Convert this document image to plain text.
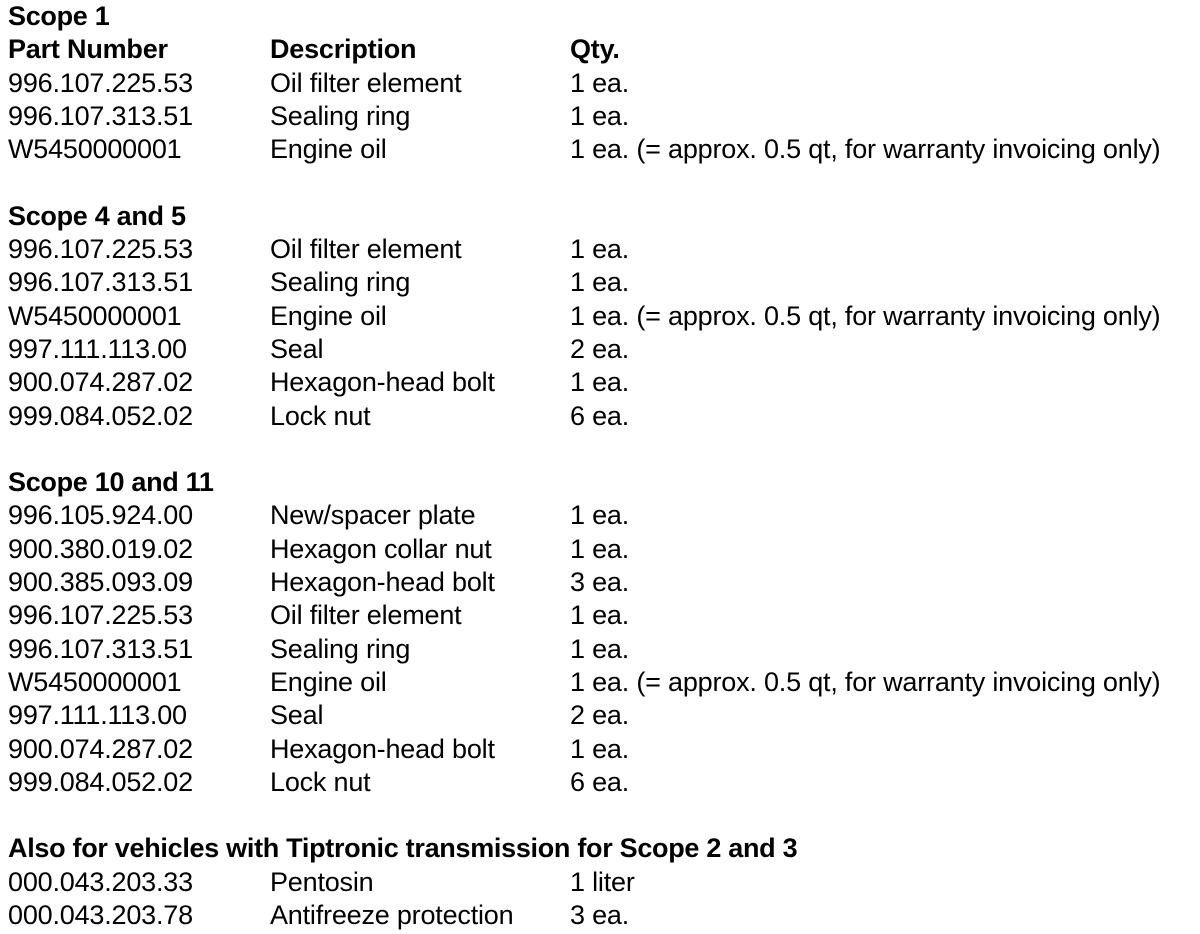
Scope 1
Part Number	Description	Qty.
996.107.225.53	Oil filter element	1 ea.
996.107.313.51	Sealing ring	1 ea.
W5450000001	Engine oil	1 ea. (= approx. 0.5 qt, for warranty invoicing only)
Scope 4 and 5
996.107.225.53	Oil filter element	1 ea.
996.107.313.51	Sealing ring	1 ea.
W5450000001	Engine oil	1 ea. (= approx. 0.5 qt, for warranty invoicing only)
997.111.113.00	Seal	2 ea.
900.074.287.02	Hexagon-head bolt	1 ea.
999.084.052.02	Lock nut	6 ea.
Scope 10 and 11
996.105.924.00	New/spacer plate	1 ea.
900.380.019.02	Hexagon collar nut	1 ea.
900.385.093.09	Hexagon-head bolt	3 ea.
996.107.225.53	Oil filter element	1 ea.
996.107.313.51	Sealing ring	1 ea.
W5450000001	Engine oil	1 ea. (= approx. 0.5 qt, for warranty invoicing only)
997.111.113.00	Seal	2 ea.
900.074.287.02	Hexagon-head bolt	1 ea.
999.084.052.02	Lock nut	6 ea.
Also for vehicles with Tiptronic transmission for Scope 2 and 3
000.043.203.33	Pentosin	1 liter
000.043.203.78	Antifreeze protection 3 ea.
